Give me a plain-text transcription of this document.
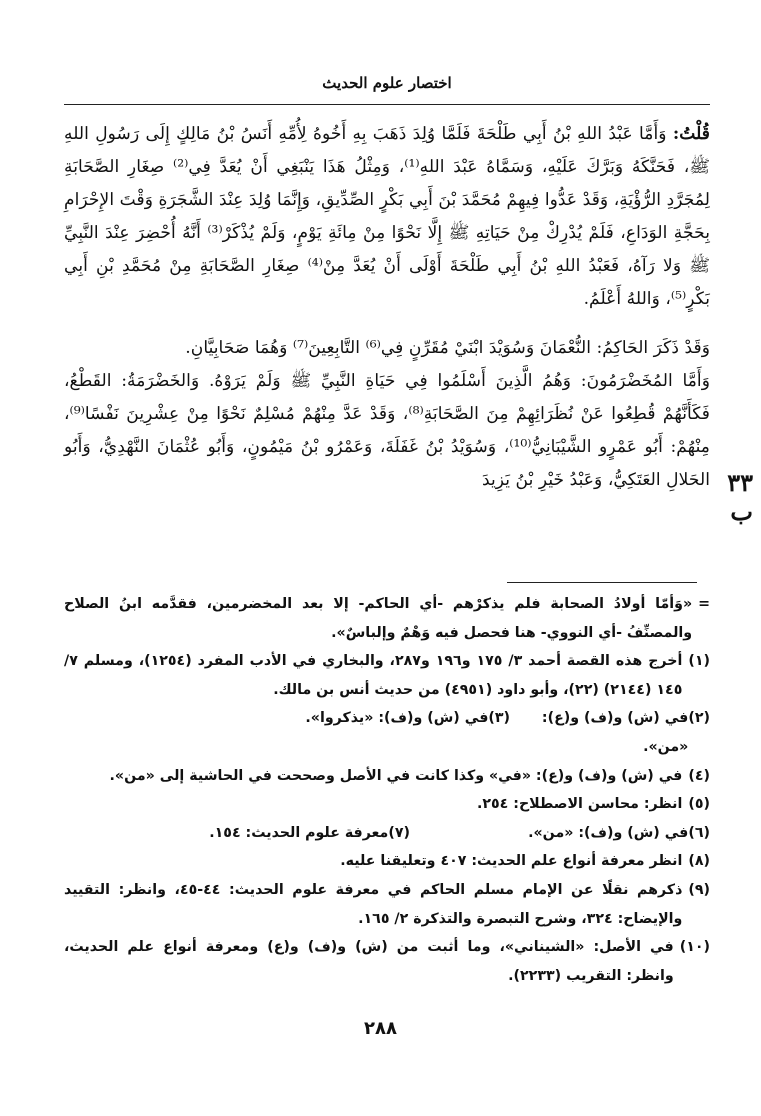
اختصار علوم الحديث
٣٣ ب

قُلْتُ: وَأَمَّا عَبْدُ اللهِ بْنُ أَبِي طَلْحَةَ فَلَمَّا وُلِدَ ذَهَبَ بِهِ أَخُوهُ لِأُمِّهِ أَنَسُ بْنُ مَالِكٍ إِلَى رَسُولِ اللهِ ﷺ، فَحَنَّكَهُ وَبَرَّكَ عَلَيْهِ، وَسَمَّاهُ عَبْدَ اللهِ⁽¹⁾، وَمِثْلُ هَذَا يَنْبَغِي أَنْ يُعَدَّ فِي⁽²⁾ صِغَارِ الصَّحَابَةِ لِمُجَرَّدِ الرُّؤْيَةِ، وَقَدْ عَدُّوا فِيهِمْ مُحَمَّدَ بْنَ أَبِي بَكْرٍ الصِّدِّيقِ، وَإِنَّمَا وُلِدَ عِنْدَ الشَّجَرَةِ وَقْتَ الإِحْرَامِ بِحَجَّةِ الوَدَاعِ، فَلَمْ يُدْرِكْ مِنْ حَيَاتِهِ ﷺ إِلَّا نَحْوًا مِنْ مِائَةِ يَوْمٍ، وَلَمْ يُذْكَرْ⁽³⁾ أَنَّهُ أُحْضِرَ عِنْدَ النَّبِيِّ ﷺ وَلا رَآهُ، فَعَبْدُ اللهِ بْنُ أَبِي طَلْحَةَ أَوْلَى أَنْ يُعَدَّ مِنْ⁽⁴⁾ صِغَارِ الصَّحَابَةِ مِنْ مُحَمَّدِ بْنِ أَبِي بَكْرٍ⁽⁵⁾، وَاللهُ أَعْلَمُ.

وَقَدْ ذَكَرَ الحَاكِمُ: النُّعْمَانَ وَسُوَيْدَ ابْنَيْ مُقَرِّنٍ فِي⁽⁶⁾ التَّابِعِينَ⁽⁷⁾ وَهُمَا صَحَابِيَّانِ.

وَأَمَّا المُخَضْرَمُونَ: وَهُمُ الَّذِينَ أَسْلَمُوا فِي حَيَاةِ النَّبِيِّ ﷺ وَلَمْ يَرَوْهُ. وَالخَضْرَمَةُ: القَطْعُ، فَكَأَنَّهُمْ قُطِعُوا عَنْ نُظَرَائِهِمْ مِنَ الصَّحَابَةِ⁽⁸⁾، وَقَدْ عَدَّ مِنْهُمْ مُسْلِمٌ نَحْوًا مِنْ عِشْرِينَ نَفْسًا⁽⁹⁾، مِنْهُمْ: أَبُو عَمْرٍو الشَّيْبَانِيُّ⁽¹⁰⁾، وَسُوَيْدُ بْنُ غَفَلَةَ، وَعَمْرُو بْنُ مَيْمُونٍ، وَأَبُو عُثْمَانَ النَّهْدِيُّ، وَأَبُو الحَلالِ العَتَكِيُّ، وَعَبْدُ خَيْرِ بْنُ يَزِيدَ

=
«وَأمّا أولادُ الصحابة فلم يذكرْهم -أي الحاكم- إلا بعد المخضرمين، فقدَّمه ابنُ الصلاح والمصنِّفُ -أي النووي- هنا فحصل فيه وَهْمٌ وإلباسٌ».
(١)
أخرج هذه القصة أحمد ٣/ ١٧٥ و١٩٦ و٢٨٧، والبخاري في الأدب المفرد (١٢٥٤)، ومسلم ٧/ ١٤٥ (٢١٤٤) (٢٢)، وأبو داود (٤٩٥١) من حديث أنس بن مالك.
(٢)
في (ش) و(ف) و(ع): «من».
(٣)
في (ش) و(ف): «يذكروا».
(٤)
في (ش) و(ف) و(ع): «في» وكذا كانت في الأصل وصححت في الحاشية إلى «من».
(٥)
انظر: محاسن الاصطلاح: ٢٥٤.
(٦)
في (ش) و(ف): «من».
(٧)
معرفة علوم الحديث: ١٥٤.
(٨)
انظر معرفة أنواع علم الحديث: ٤٠٧ وتعليقنا عليه.
(٩)
ذكرهم نقلًا عن الإمام مسلم الحاكم في معرفة علوم الحديث: ٤٤-٤٥، وانظر: التقييد والإيضاح: ٣٢٤، وشرح التبصرة والتذكرة ٢/ ١٦٥.
(١٠)
في الأصل: «الشيناني»، وما أثبت من (ش) و(ف) و(ع) ومعرفة أنواع علم الحديث، وانظر: التقريب (٢٢٣٣).
٢٨٨
